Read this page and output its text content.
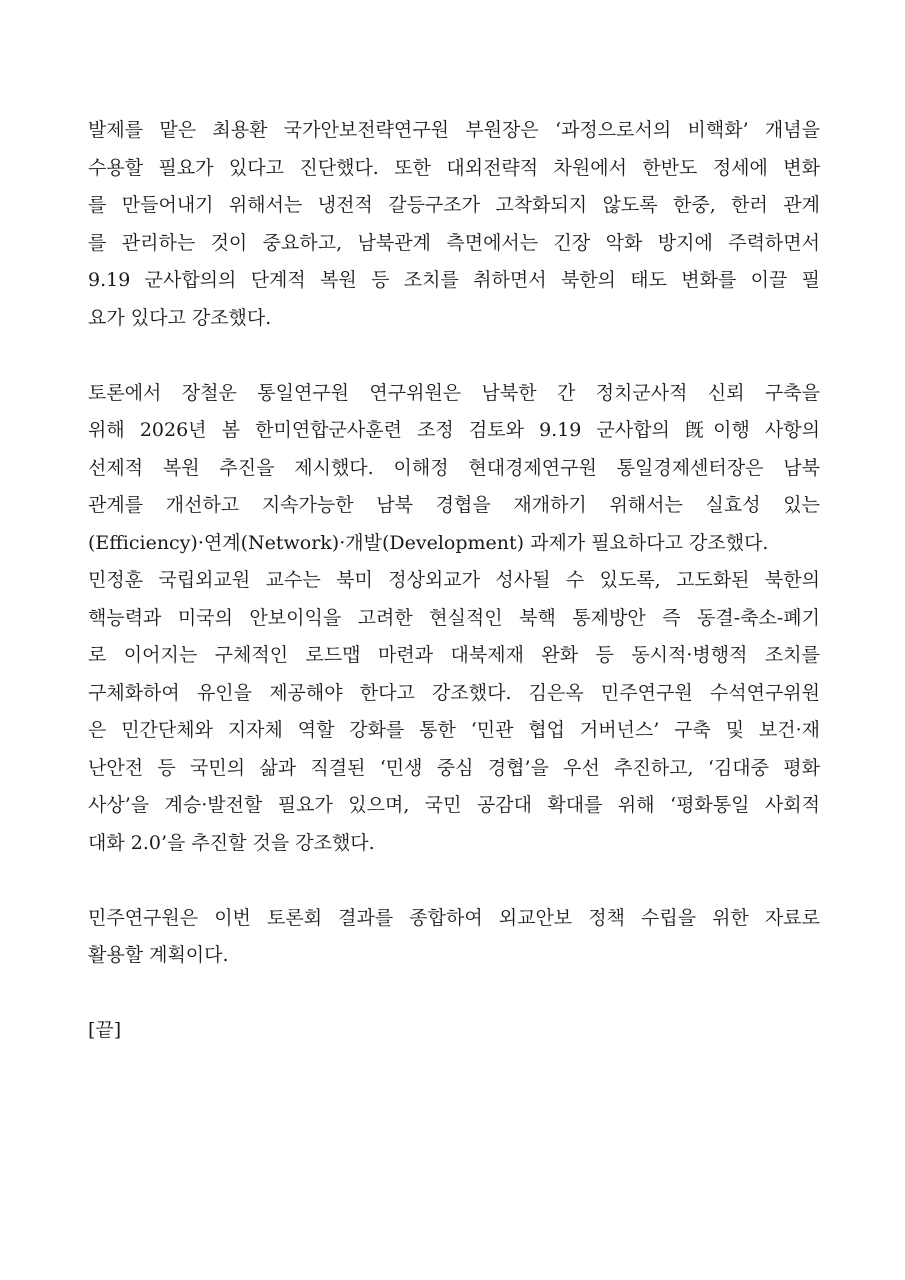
발제를 맡은 최용환 국가안보전략연구원 부원장은 ‘과정으로서의 비핵화’ 개념을
수용할 필요가 있다고 진단했다. 또한 대외전략적 차원에서 한반도 정세에 변화
를 만들어내기 위해서는 냉전적 갈등구조가 고착화되지 않도록 한중, 한러 관계
를 관리하는 것이 중요하고, 남북관계 측면에서는 긴장 악화 방지에 주력하면서
9.19 군사합의의 단계적 복원 등 조치를 취하면서 북한의 태도 변화를 이끌 필
요가 있다고 강조했다.
토론에서 장철운 통일연구원 연구위원은 남북한 간 정치군사적 신뢰 구축을
위해 2026년 봄 한미연합군사훈련 조정 검토와 9.19 군사합의 旣이행 사항의
선제적 복원 추진을 제시했다. 이해정 현대경제연구원 통일경제센터장은 남북
관계를 개선하고 지속가능한 남북 경협을 재개하기 위해서는 실효성 있는
(Efficiency)·연계(Network)·개발(Development) 과제가 필요하다고 강조했다.
민정훈 국립외교원 교수는 북미 정상외교가 성사될 수 있도록, 고도화된 북한의
핵능력과 미국의 안보이익을 고려한 현실적인 북핵 통제방안 즉 동결-축소-폐기
로 이어지는 구체적인 로드맵 마련과 대북제재 완화 등 동시적·병행적 조치를
구체화하여 유인을 제공해야 한다고 강조했다. 김은옥 민주연구원 수석연구위원
은 민간단체와 지자체 역할 강화를 통한 ‘민관 협업 거버넌스’ 구축 및 보건·재
난안전 등 국민의 삶과 직결된 ‘민생 중심 경협’을 우선 추진하고, ‘김대중 평화
사상’을 계승·발전할 필요가 있으며, 국민 공감대 확대를 위해 ‘평화통일 사회적
대화 2.0’을 추진할 것을 강조했다.
민주연구원은 이번 토론회 결과를 종합하여 외교안보 정책 수립을 위한 자료로
활용할 계획이다.
[끝]
